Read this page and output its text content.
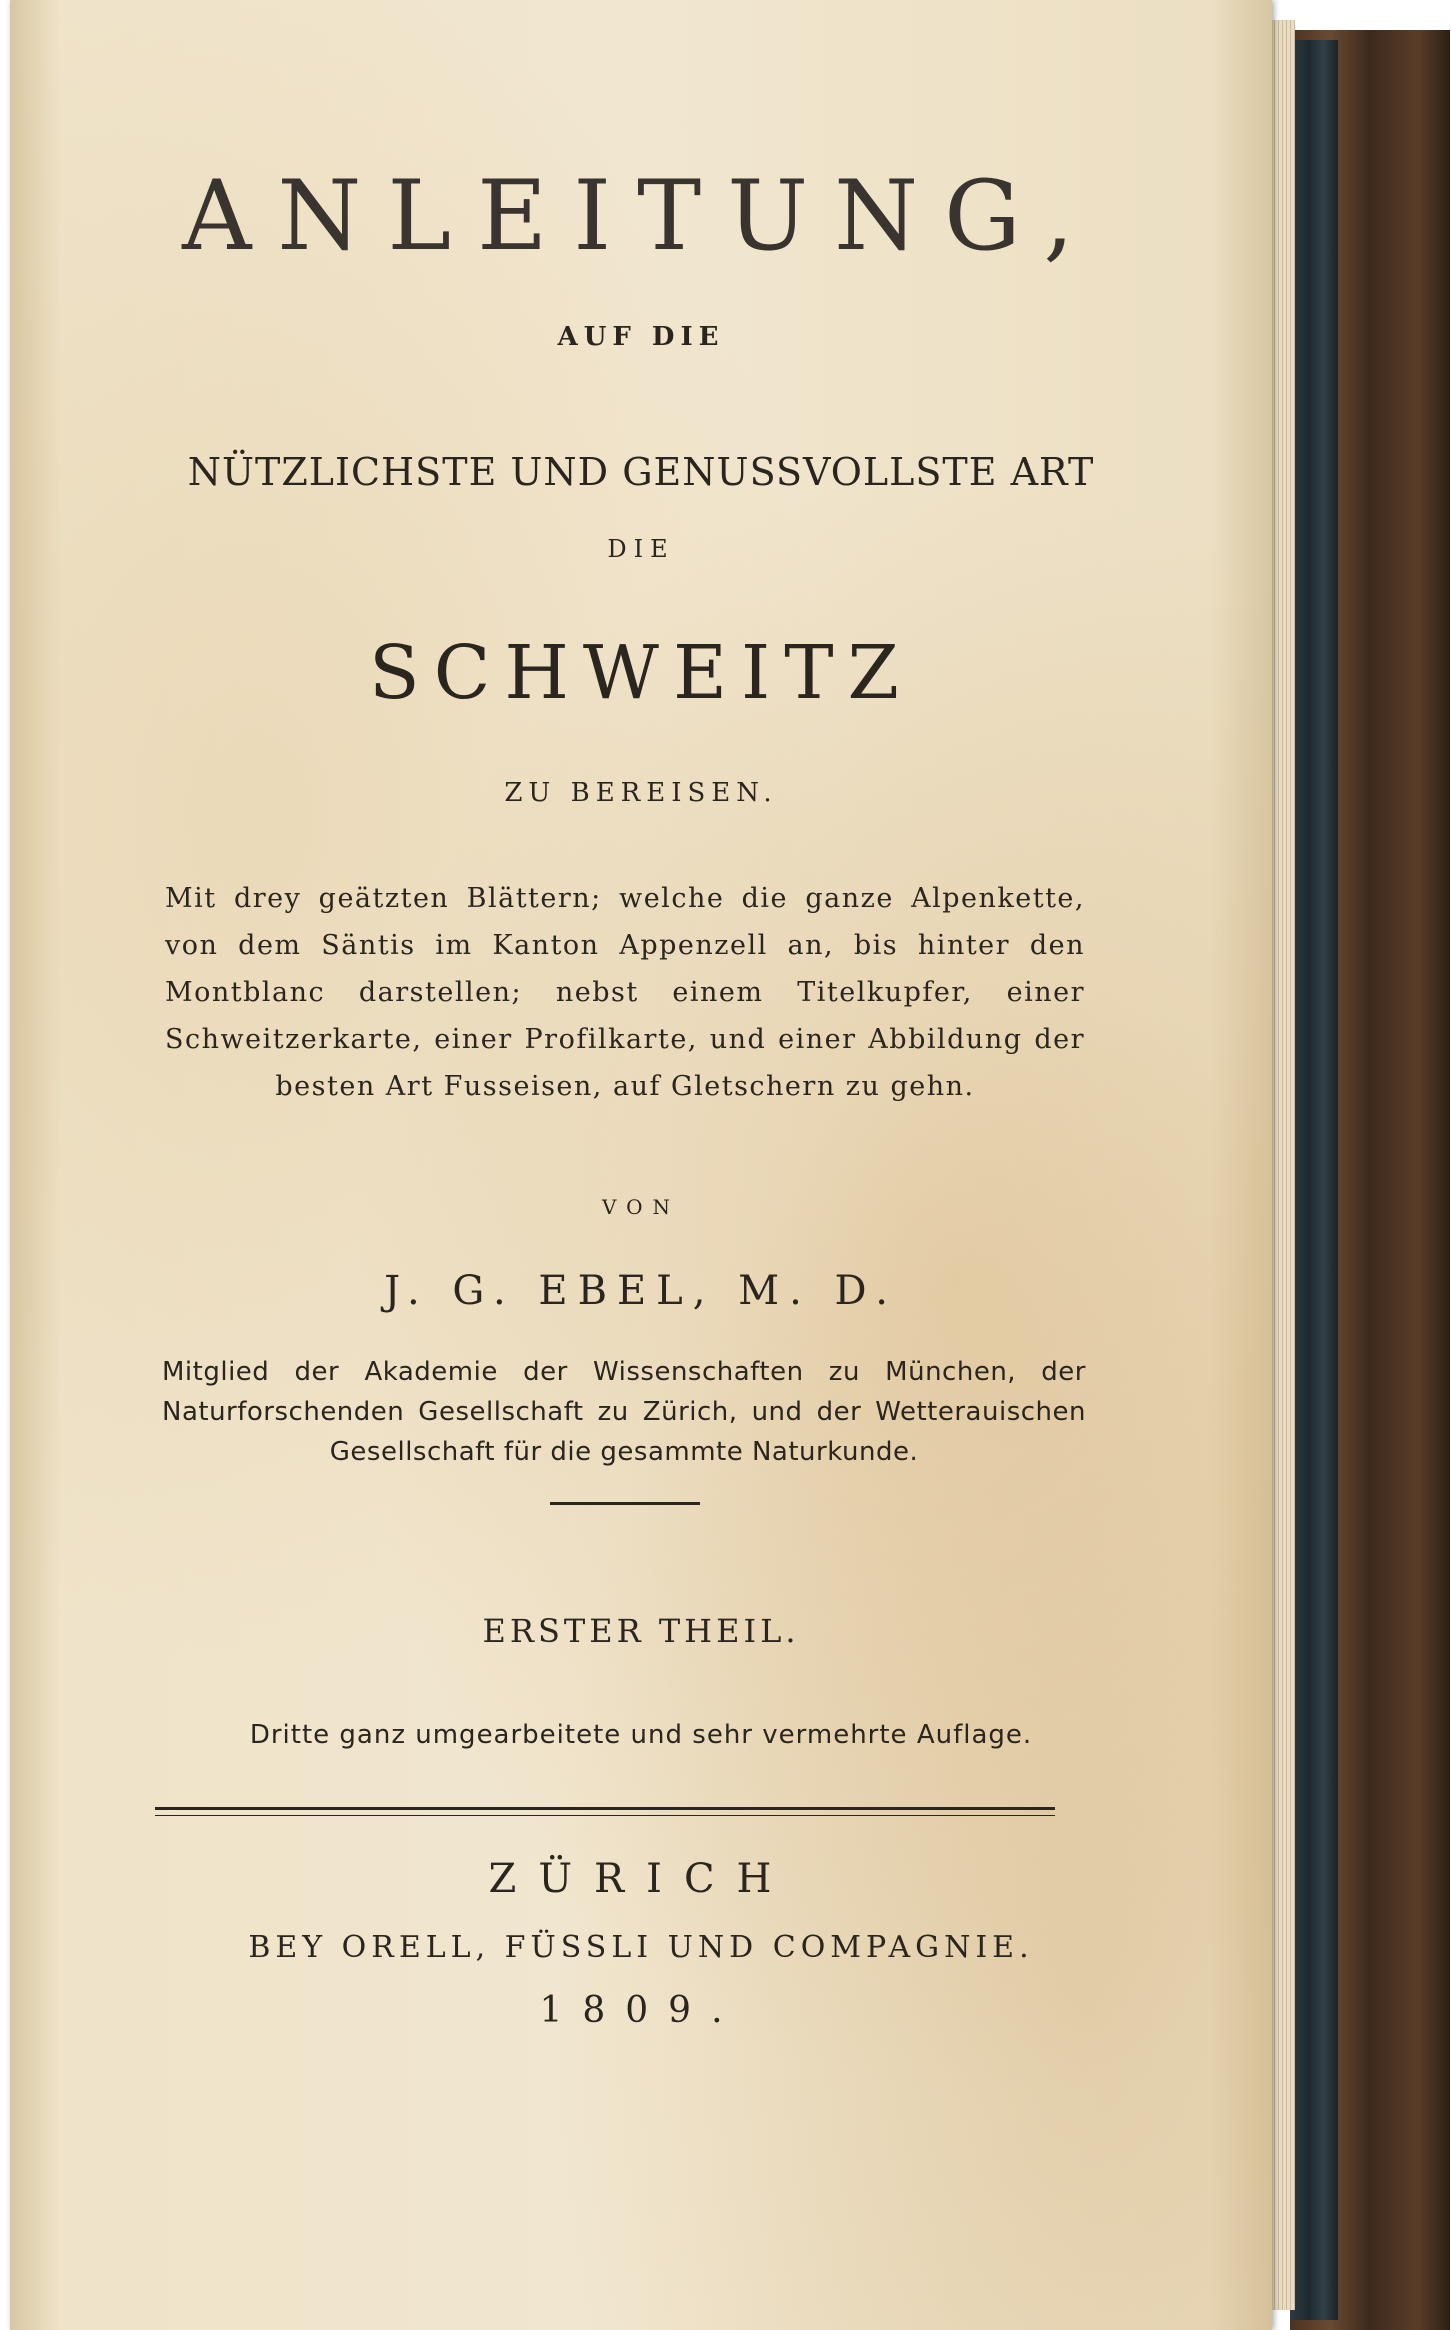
ANLEITUNG,
AUF DIE
NÜTZLICHSTE UND GENUSSVOLLSTE ART
DIE
SCHWEITZ
ZU BEREISEN.
Mit drey geätzten Blättern; welche die ganze Alpenkette, von dem Säntis im Kanton Appenzell an, bis hinter den Montblanc darstellen; nebst einem Titelkupfer, einer Schweitzerkarte, einer Profilkarte, und einer Abbildung der besten Art Fusseisen, auf Gletschern zu gehn.
VON
J. G. EBEL, M. D.
Mitglied der Akademie der Wissenschaften zu München, der Naturforschenden Gesellschaft zu Zürich, und der Wetterauischen Gesellschaft für die gesammte Naturkunde.
ERSTER THEIL.
Dritte ganz umgearbeitete und sehr vermehrte Auflage.
ZÜRICH
BEY ORELL, FÜSSLI UND COMPAGNIE.
1809.
